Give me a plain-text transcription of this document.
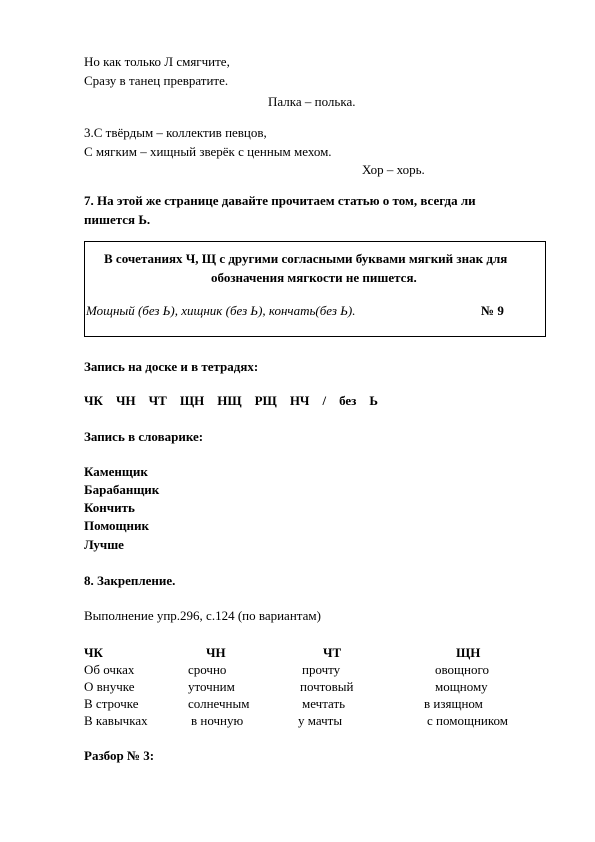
Но как только Л смягчите,
Сразу в танец превратите.
Палка – полька.
3.С твёрдым – коллектив певцов,
С мягким – хищный зверёк с ценным мехом.
Хор – хорь.
7. На этой же странице давайте прочитаем статью о том, всегда ли
пишется Ь.
В сочетаниях Ч, Щ с другими согласными буквами мягкий знак для
обозначения мягкости не пишется.
Мощный (без Ь), хищник (без Ь), кончать(без Ь).	№ 9
Запись на доске и в тетрадях:
ЧК    ЧН    ЧТ    ЩН    НЩ    РЩ    НЧ    /    без    Ь
Запись в словарике:
Каменщик
Барабанщик
Кончить
Помощник
Лучше
8. Закрепление.
Выполнение упр.296, с.124 (по вариантам)
ЧК	ЧН	ЧТ	ЩН
Об очках	срочно	прочту	овощного
О внучке	уточним	почтовый	мощному
В строчке	солнечным	мечтать	в изящном
В кавычках	в ночную	у мачты	с помощником
Разбор № 3:
